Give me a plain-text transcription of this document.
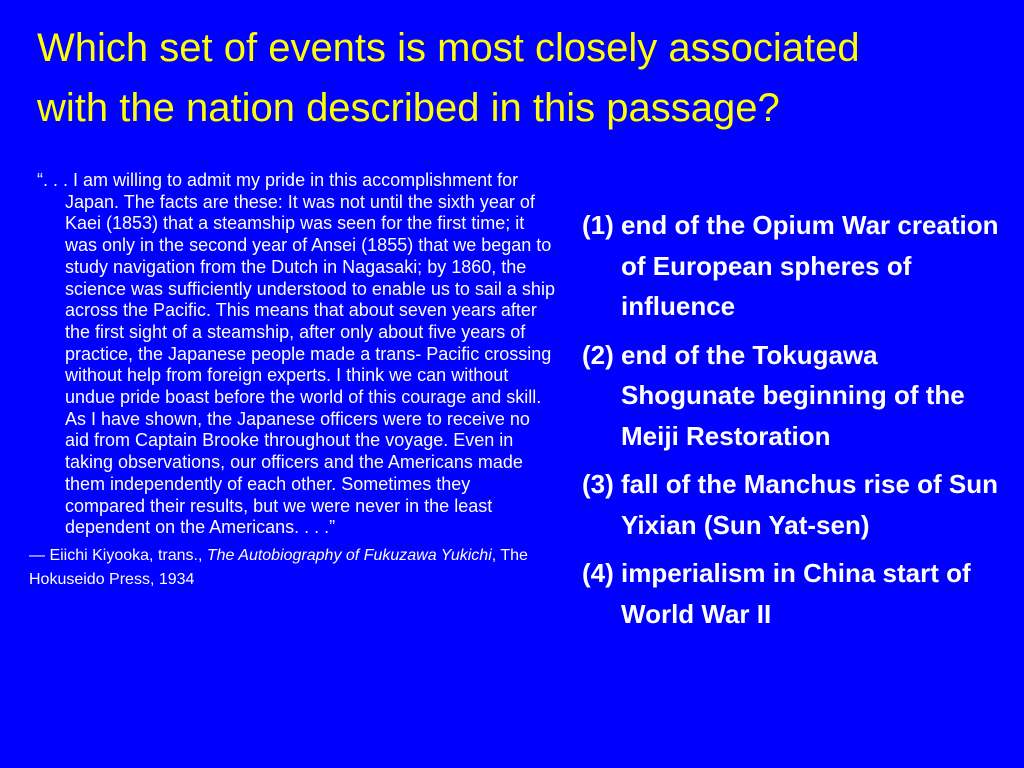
Which set of events is most closely associated
with the nation described in this passage?

“. . . I am willing to admit my pride in this accomplishment for Japan. The facts are these: It was not until the sixth year of Kaei (1853) that a steamship was seen for the first time; it was only in the second year of Ansei (1855) that we began to study navigation from the Dutch in Nagasaki; by 1860, the science was sufficiently understood to enable us to sail a ship across the Pacific. This means that about seven years after the first sight of a steamship, after only about five years of practice, the Japanese people made a trans- Pacific crossing without help from foreign experts. I think we can without undue pride boast before the world of this courage and skill. As I have shown, the Japanese officers were to receive no aid from Captain Brooke throughout the voyage. Even in taking observations, our officers and the Americans made them independently of each other. Sometimes they compared their results, but we were never in the least dependent on the Americans. . . .”

— Eiichi Kiyooka, trans., The Autobiography of Fukuzawa Yukichi, The Hokuseido Press, 1934

(1) end of the Opium War creation of European spheres of influence

(2) end of the Tokugawa Shogunate beginning of the Meiji Restoration

(3) fall of the Manchus rise of Sun Yixian (Sun Yat-sen)

(4) imperialism in China start of World War II
